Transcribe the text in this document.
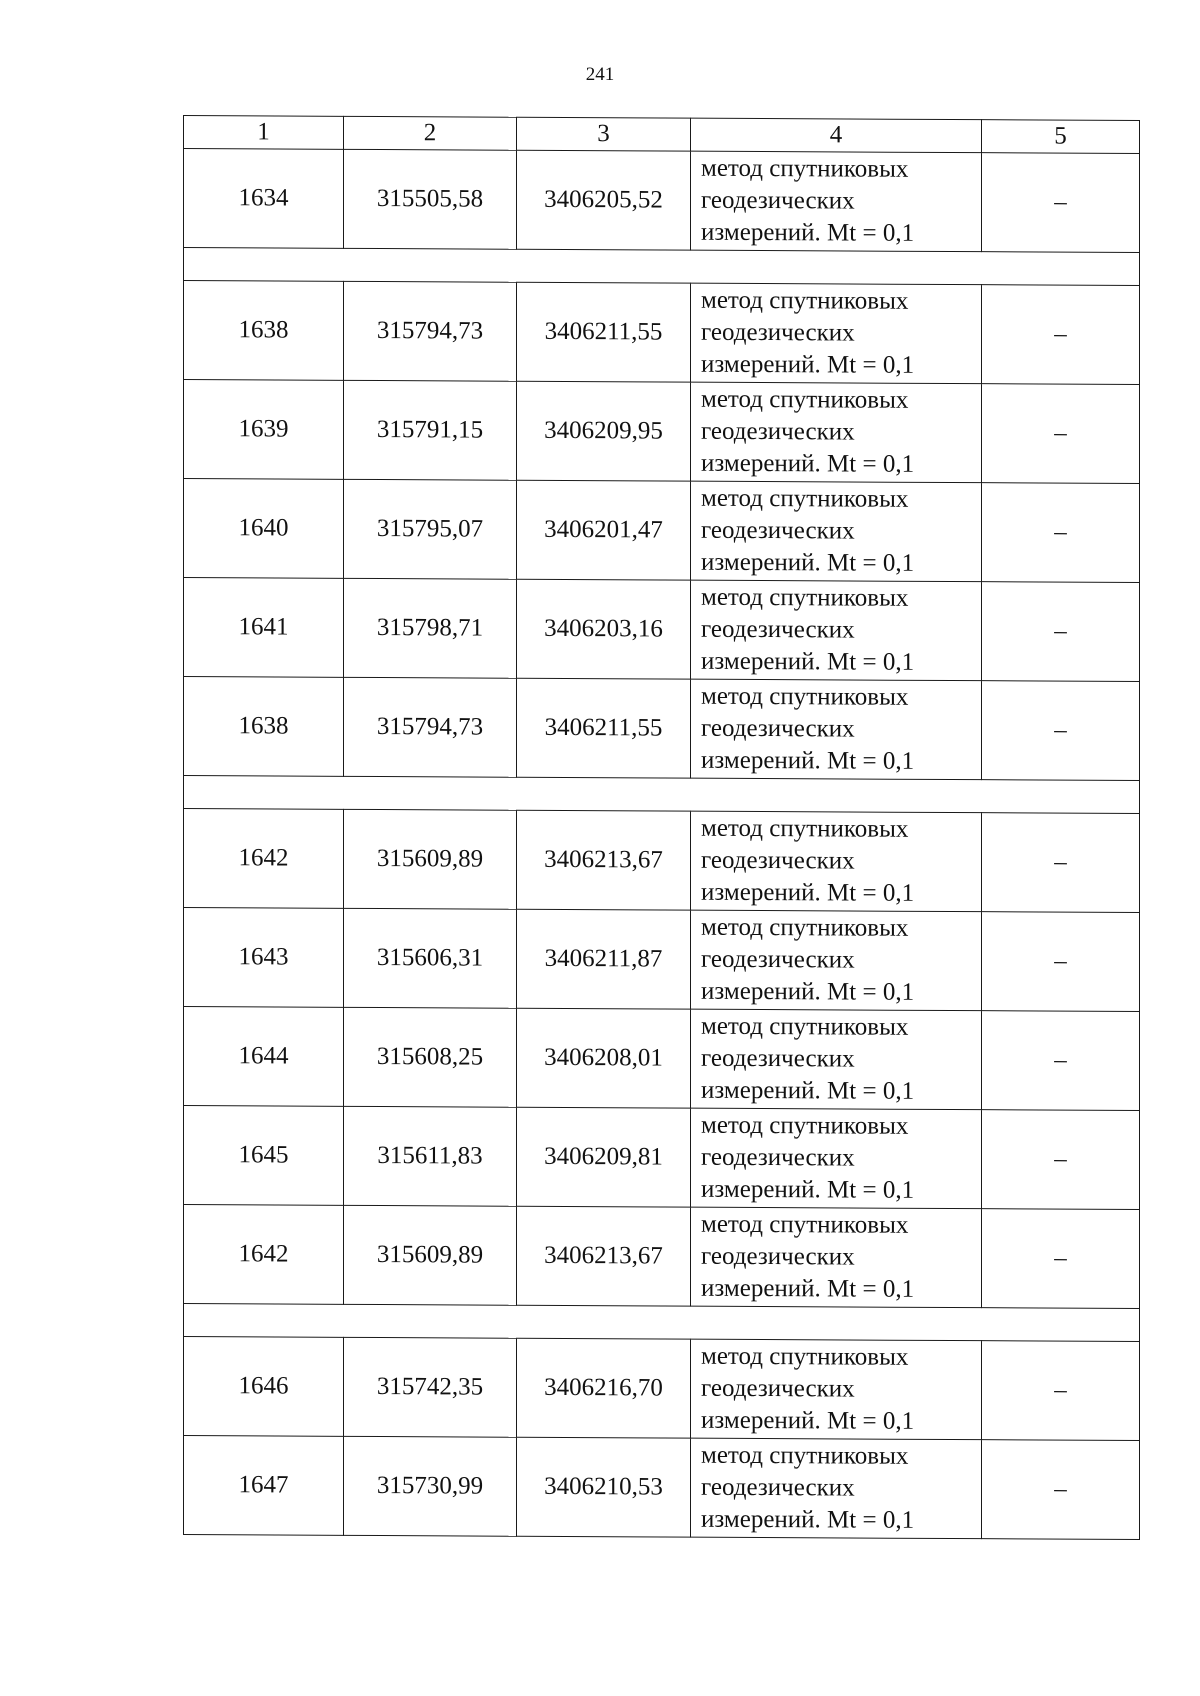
241
1	2	3	4	5
1634	315505,58	3406205,52	метод спутниковых
геодезических
измерений. Mt = 0,1	–

1638	315794,73	3406211,55	метод спутниковых
геодезических
измерений. Mt = 0,1	–
1639	315791,15	3406209,95	метод спутниковых
геодезических
измерений. Mt = 0,1	–
1640	315795,07	3406201,47	метод спутниковых
геодезических
измерений. Mt = 0,1	–
1641	315798,71	3406203,16	метод спутниковых
геодезических
измерений. Mt = 0,1	–
1638	315794,73	3406211,55	метод спутниковых
геодезических
измерений. Mt = 0,1	–

1642	315609,89	3406213,67	метод спутниковых
геодезических
измерений. Mt = 0,1	–
1643	315606,31	3406211,87	метод спутниковых
геодезических
измерений. Mt = 0,1	–
1644	315608,25	3406208,01	метод спутниковых
геодезических
измерений. Mt = 0,1	–
1645	315611,83	3406209,81	метод спутниковых
геодезических
измерений. Mt = 0,1	–
1642	315609,89	3406213,67	метод спутниковых
геодезических
измерений. Mt = 0,1	–

1646	315742,35	3406216,70	метод спутниковых
геодезических
измерений. Mt = 0,1	–
1647	315730,99	3406210,53	метод спутниковых
геодезических
измерений. Mt = 0,1	–
